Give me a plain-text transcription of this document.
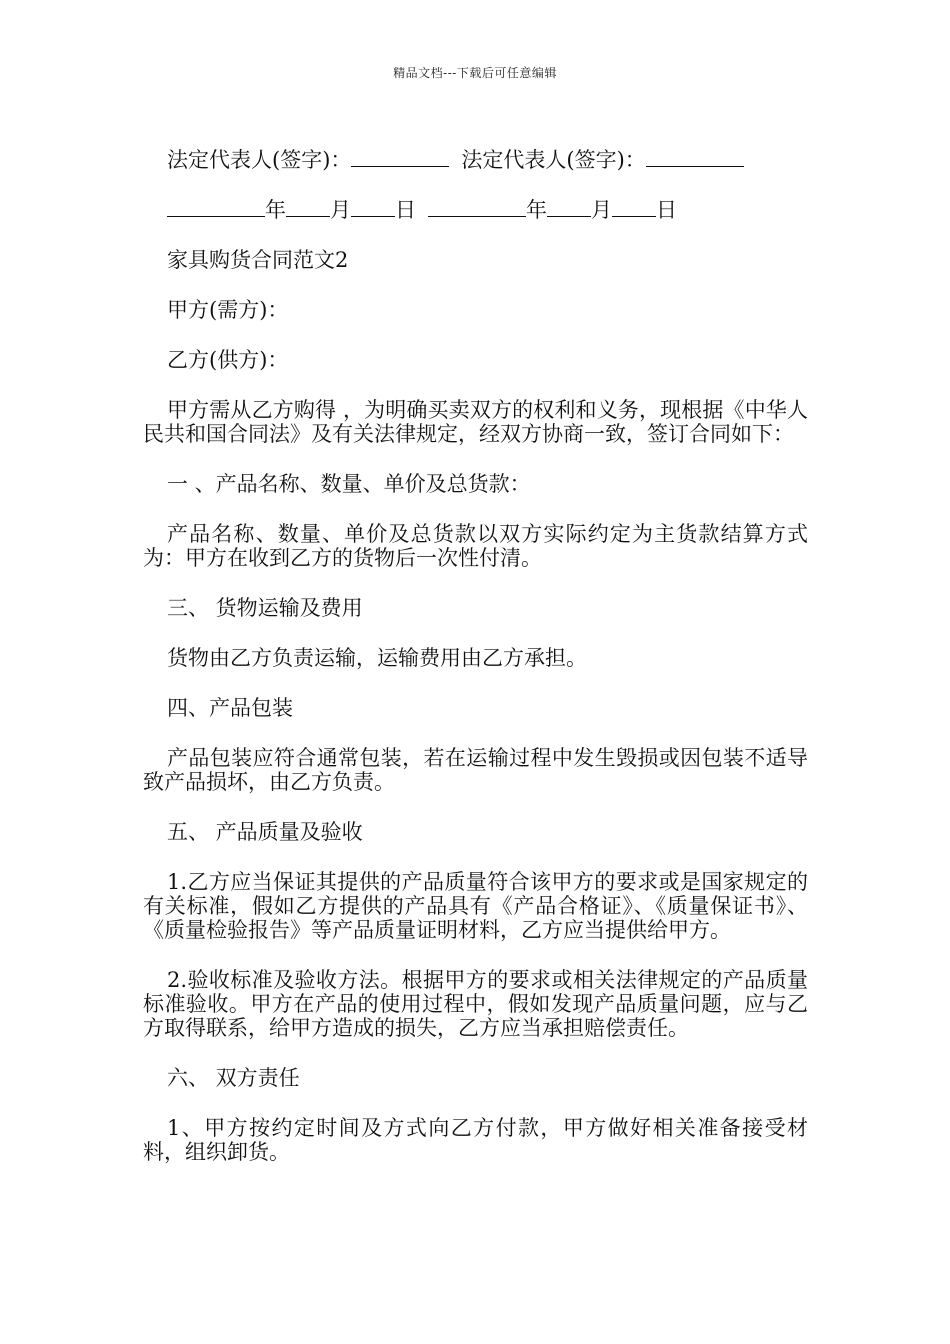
精品文档---下载后可任意编辑
法定代表人(签字)：	法定代表人(签字)：
年 月 日	年 月 日

家具购货合同范文2

甲方(需方)：

乙方(供方)：

甲方需从乙方购得 ，为明确买卖双方的权利和义务，现根据《中华人民共和国合同法》及有关法律规定，经双方协商一致，签订合同如下：

一 、产品名称、数量、单价及总货款：

产品名称、数量、单价及总货款以双方实际约定为主货款结算方式为：甲方在收到乙方的货物后一次性付清。

三、 货物运输及费用

货物由乙方负责运输，运输费用由乙方承担。

四、产品包装

产品包装应符合通常包装，若在运输过程中发生毁损或因包装不适导致产品损坏，由乙方负责。

五、 产品质量及验收

1.乙方应当保证其提供的产品质量符合该甲方的要求或是国家规定的有关标准，假如乙方提供的产品具有《产品合格证》、《质量保证书》、《质量检验报告》等产品质量证明材料，乙方应当提供给甲方。

2.验收标准及验收方法。根据甲方的要求或相关法律规定的产品质量标准验收。甲方在产品的使用过程中，假如发现产品质量问题，应与乙方取得联系，给甲方造成的损失，乙方应当承担赔偿责任。

六、 双方责任

1、甲方按约定时间及方式向乙方付款，甲方做好相关准备接受材料，组织卸货。
